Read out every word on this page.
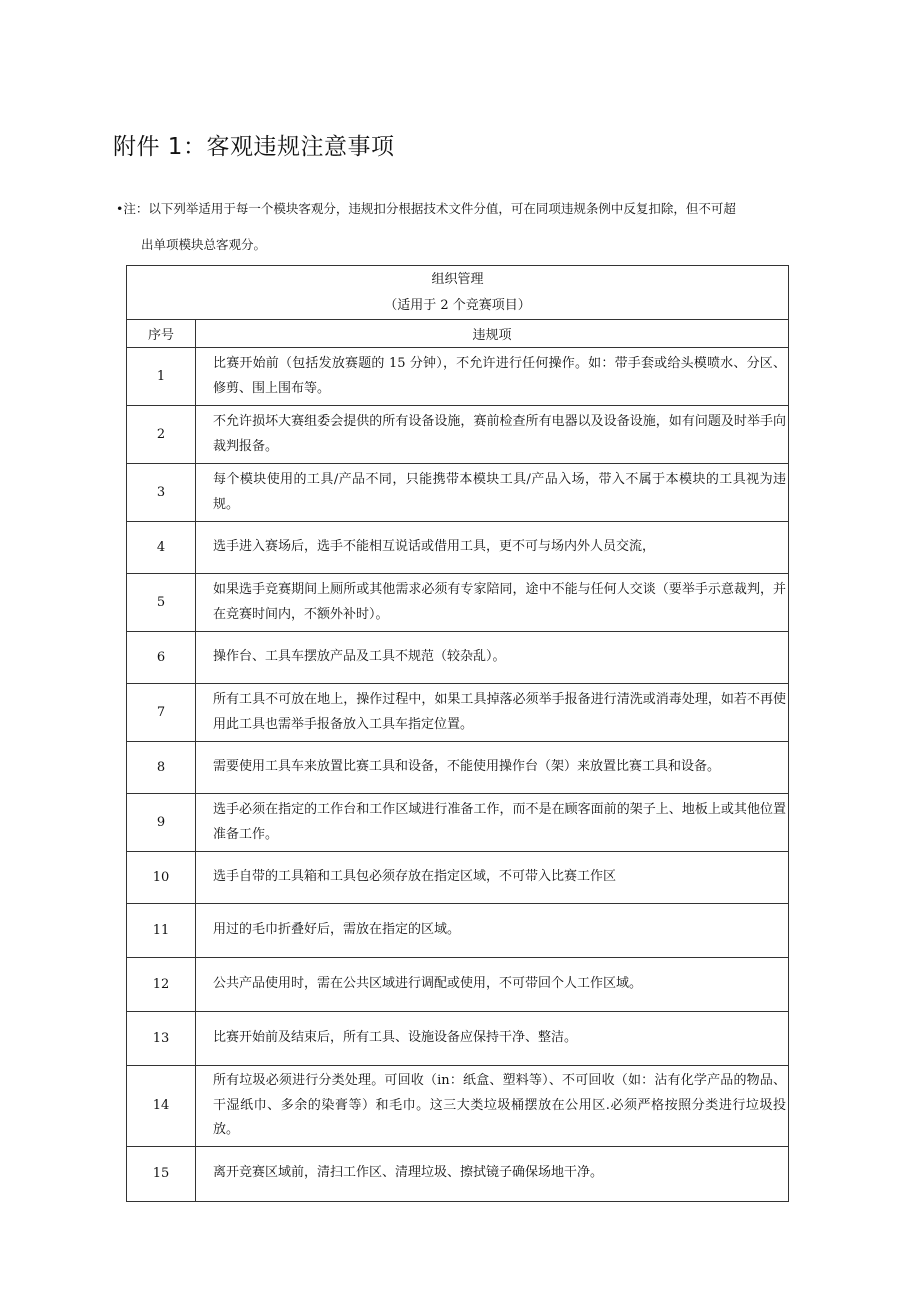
附件 1：客观违规注意事项
•注：以下列举适用于每一个模块客观分，违规扣分根据技术文件分值，可在同项违规条例中反复扣除，但不可超
出单项模块总客观分。
组织管理
（适用于 2 个竞赛项目）	

序号	违规项
1	比赛开始前（包括发放赛题的 15 分钟），不允许进行任何操作。如：带手套或给头模喷水、分区、修剪、围上围布等。
2	不允许损坏大赛组委会提供的所有设备设施，赛前检查所有电器以及设备设施，如有问题及时举手向裁判报备。
3	每个模块使用的工具/产品不同，只能携带本模块工具/产品入场，带入不属于本模块的工具视为违规。
4	选手进入赛场后，选手不能相互说话或借用工具，更不可与场内外人员交流，
5	如果选手竞赛期间上厕所或其他需求必须有专家陪同，途中不能与任何人交谈（要举手示意裁判，并在竞赛时间内，不额外补时）。
6	操作台、工具车摆放产品及工具不规范（较杂乱）。
7	所有工具不可放在地上，操作过程中，如果工具掉落必须举手报备进行清洗或消毒处理，如若不再使用此工具也需举手报备放入工具车指定位置。
8	需要使用工具车来放置比赛工具和设备，不能使用操作台（架）来放置比赛工具和设备。
9	选手必须在指定的工作台和工作区域进行准备工作，而不是在顾客面前的架子上、地板上或其他位置准备工作。
10	选手自带的工具箱和工具包必须存放在指定区域，不可带入比赛工作区
11	用过的毛巾折叠好后，需放在指定的区域。
12	公共产品使用时，需在公共区域进行调配或使用，不可带回个人工作区域。
13	比赛开始前及结束后，所有工具、设施设备应保持干净、整洁。
14	所有垃圾必须进行分类处理。可回收（in：纸盒、塑料等）、不可回收（如：沾有化学产品的物品、干湿纸巾、多余的染膏等）和毛巾。这三大类垃圾桶摆放在公用区.必须严格按照分类进行垃圾投放。
15	离开竞赛区域前，清扫工作区、清理垃圾、擦拭镜子确保场地干净。
